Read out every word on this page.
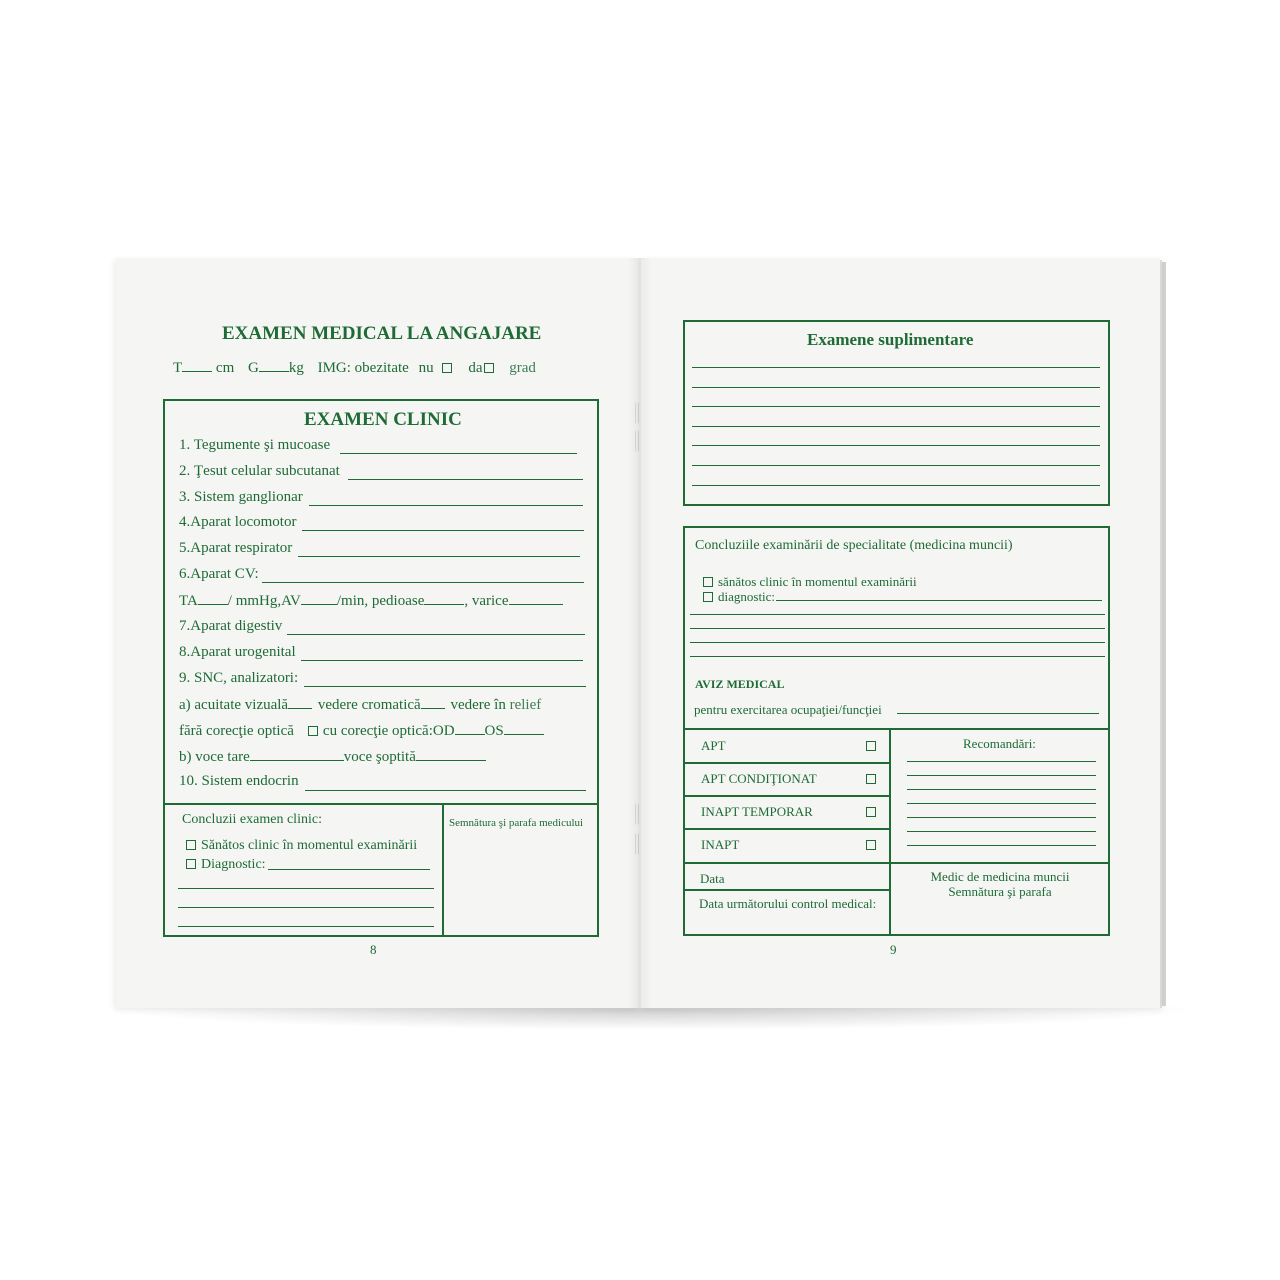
EXAMEN MEDICAL LA ANGAJARE
T cm G kg IMG: obezitate nu da grad
EXAMEN CLINIC
1. Tegumente şi mucoase
2. Ţesut celular subcutanat
3. Sistem ganglionar
4.Aparat locomotor
5.Aparat respirator
6.Aparat CV:
TA / mmHg,AV /min, pedioase	, varice
7.Aparat digestiv
8.Aparat urogenital
9. SNC, analizatori:
a) acuitate vizuală vedere cromatică vedere în relief
fără corecţie optică cu corecţie optică:OD OS
b) voce tare	voce şoptită
10. Sistem endocrin
Concluzii examen clinic:
Sănătos clinic în momentul examinării
Diagnostic:
Semnătura şi parafa medicului
8
Examene suplimentare
Concluziile examinării de specialitate (medicina muncii)
sănătos clinic în momentul examinării
diagnostic:
AVIZ MEDICAL
pentru exercitarea ocupaţiei/funcţiei
APT
APT CONDIŢIONAT
INAPT TEMPORAR
INAPT
Recomandări:
Data
Data următorului control medical:
Medic de medicina muncii
Semnătura şi parafa
9
